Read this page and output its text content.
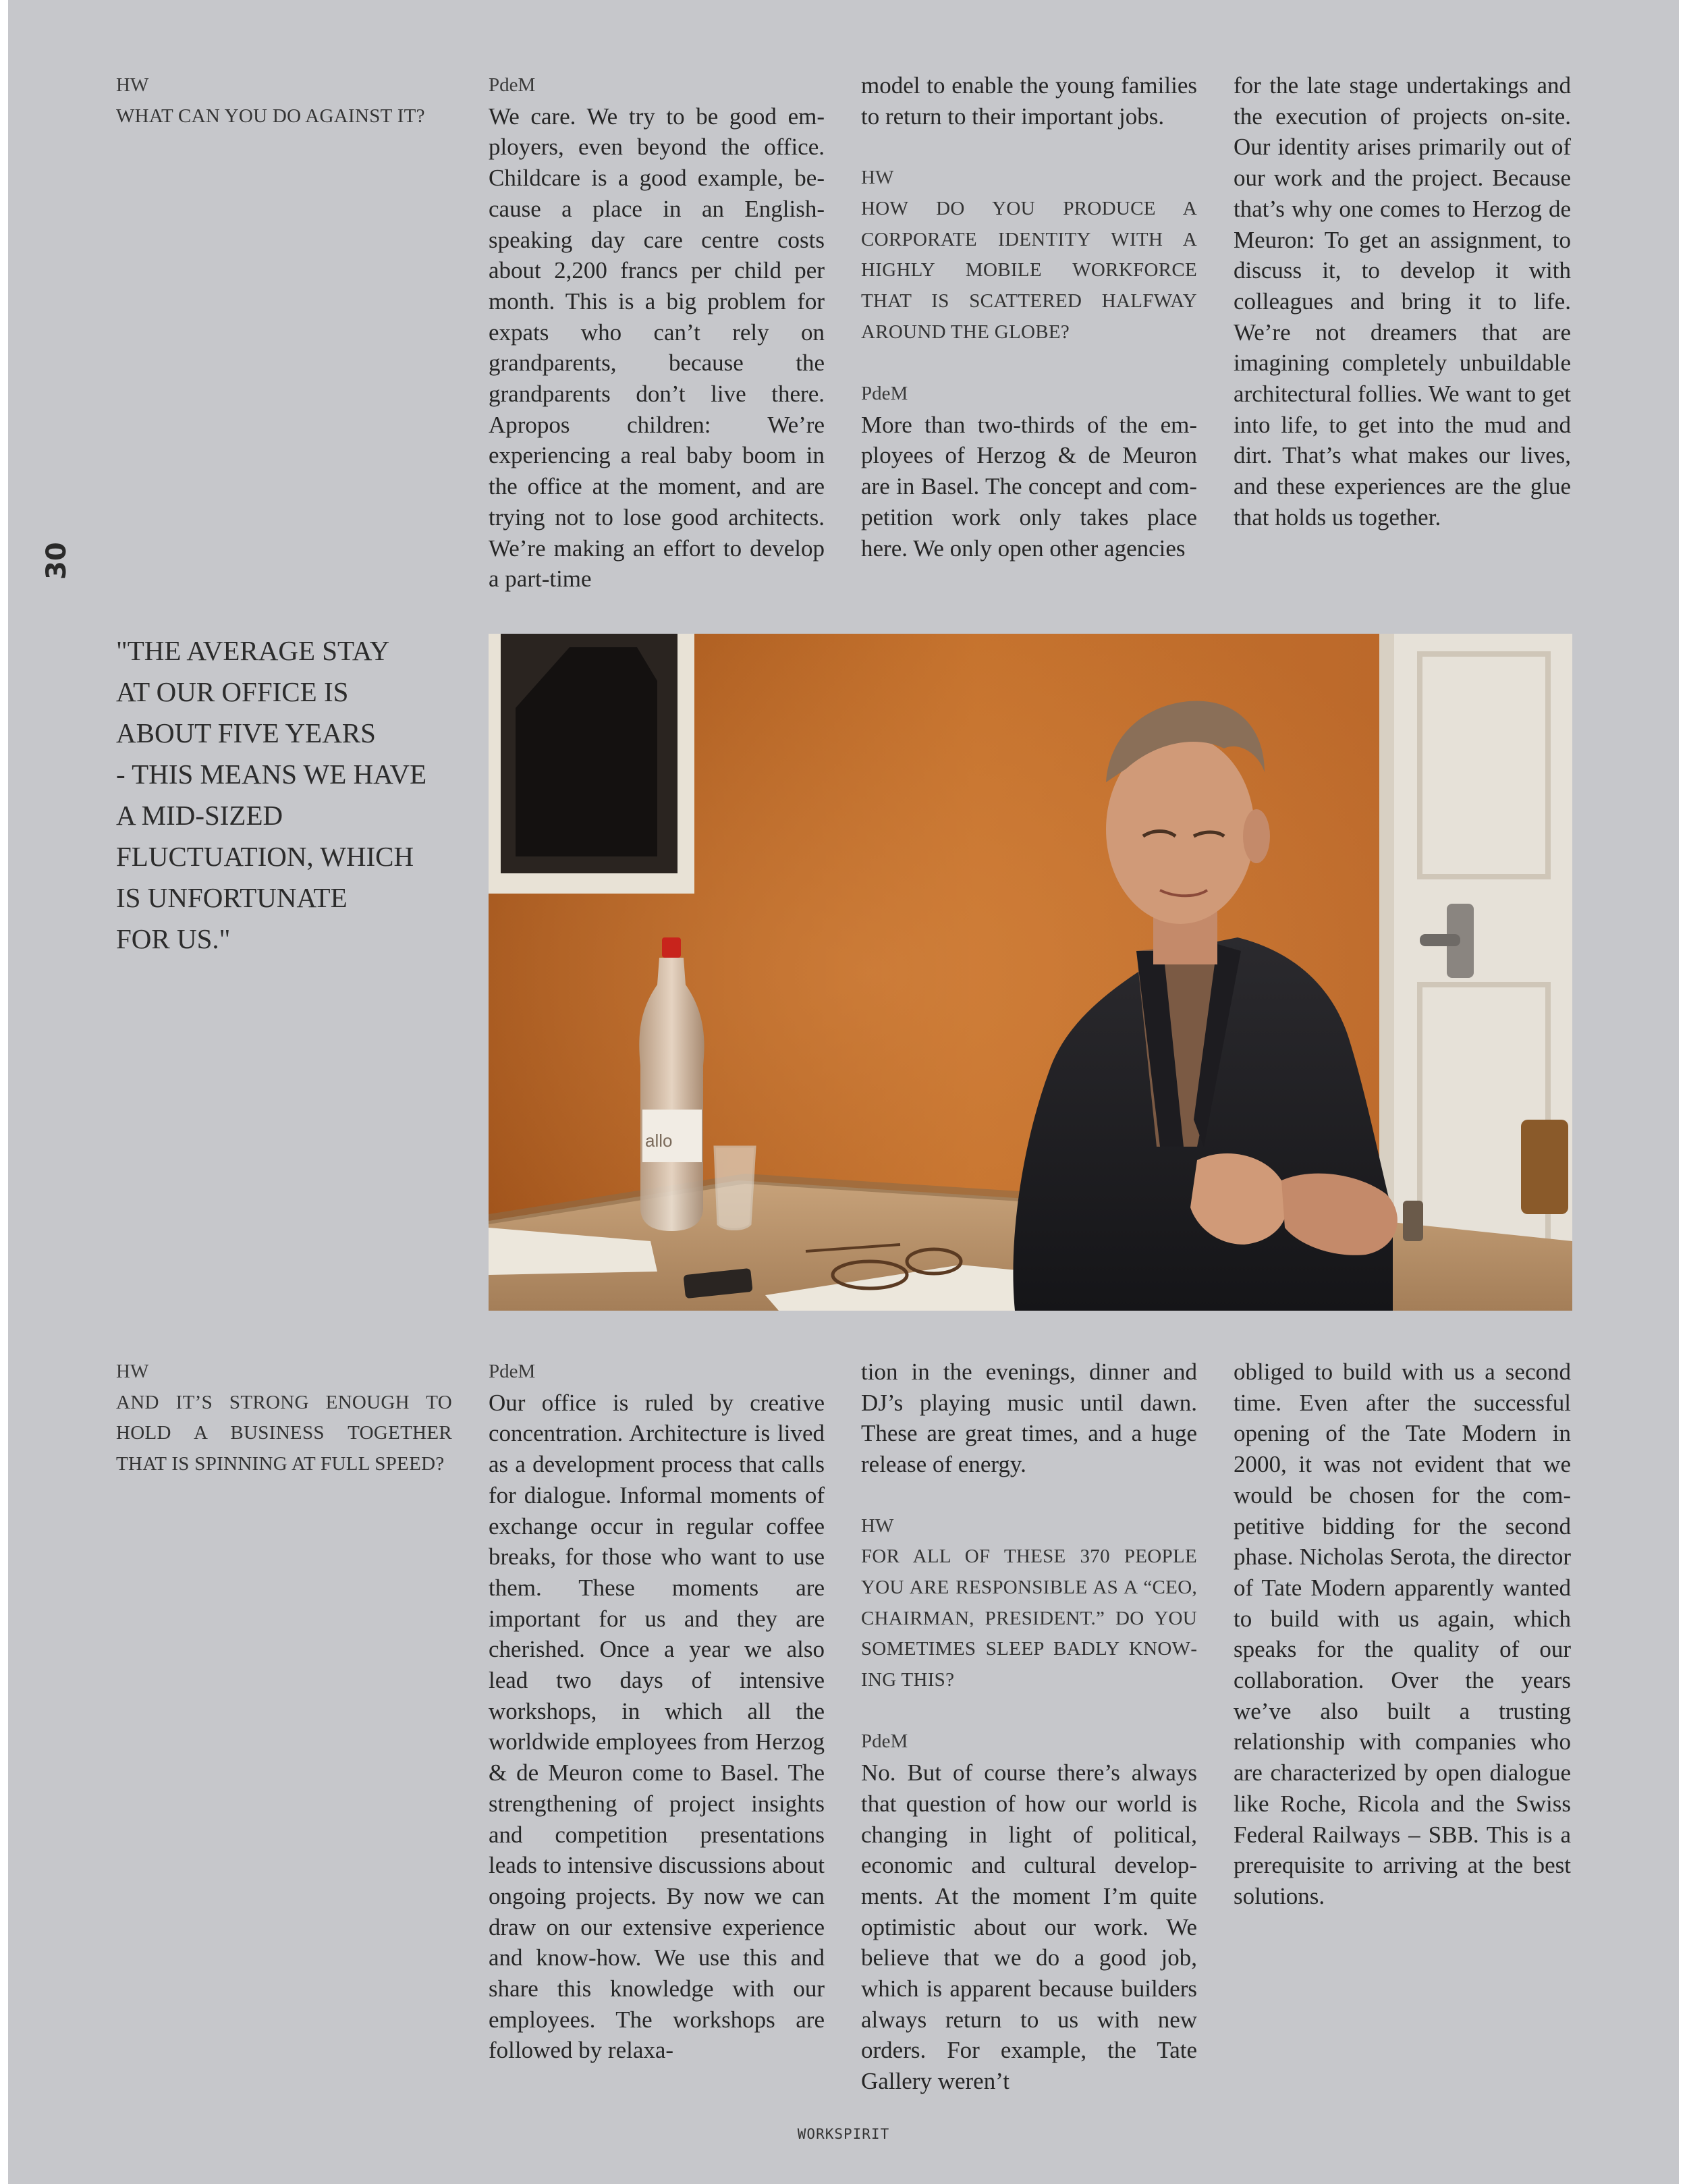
30
HW
WHAT CAN YOU DO AGAINST IT?
PdeM
We care. We try to be good employers, even beyond the office. Childcare is a good example, because a place in an English-speaking day care centre costs about 2,200 francs per child per month. This is a big problem for expats who can’t rely on grandparents, because the grandparents don’t live there. Apropos children: We’re experiencing a real baby boom in the office at the moment, and are trying not to lose good architects. We’re making an effort to develop a part-time
model to enable the young families to return to their important jobs.
HW
HOW DO YOU PRODUCE A CORPORATE IDENTITY WITH A HIGHLY MOBILE WORKFORCE THAT IS SCATTERED HALFWAY AROUND THE GLOBE?
PdeM
More than two-thirds of the employees of Herzog & de Meuron are in Basel. The concept and competition work only takes place here. We only open other agencies
for the late stage undertakings and the execution of projects on-site. Our identity arises primarily out of our work and the project. Because that’s why one comes to Herzog de Meuron: To get an assignment, to discuss it, to develop it with colleagues and bring it to life. We’re not dreamers that are imagining completely unbuildable architectural follies. We want to get into life, to get into the mud and dirt. That’s what makes our lives, and these experiences are the glue that holds us together.
"THE AVERAGE STAY
AT OUR OFFICE IS
ABOUT FIVE YEARS
- THIS MEANS WE HAVE
A MID-SIZED
FLUCTUATION, WHICH
IS UNFORTUNATE
FOR US."
allo
HW
AND IT’S STRONG ENOUGH TO HOLD A BUSINESS TOGETHER THAT IS SPINNING AT FULL SPEED?
PdeM
Our office is ruled by creative concentration. Architecture is lived as a development process that calls for dialogue. Informal moments of exchange occur in regular coffee breaks, for those who want to use them. These moments are important for us and they are cherished. Once a year we also lead two days of intensive workshops, in which all the worldwide employees from Herzog & de Meuron come to Basel. The strengthening of project insights and competition presentations leads to intensive discussions about ongoing projects. By now we can draw on our extensive experience and know-how. We use this and share this knowledge with our employees. The workshops are followed by relaxa-
tion in the evenings, dinner and DJ’s playing music until dawn. These are great times, and a huge release of energy.
HW
FOR ALL OF THESE 370 PEOPLE YOU ARE RESPONSIBLE AS A “CEO, CHAIRMAN, PRESIDENT.” DO YOU SOMETIMES SLEEP BADLY KNOWING THIS?
PdeM
No. But of course there’s always that question of how our world is changing in light of political, economic and cultural developments. At the moment I’m quite optimistic about our work. We believe that we do a good job, which is apparent because builders always return to us with new orders. For example, the Tate Gallery weren’t
obliged to build with us a second time. Even after the successful opening of the Tate Modern in 2000, it was not evident that we would be chosen for the competitive bidding for the second phase. Nicholas Serota, the director of Tate Modern apparently wanted to build with us again, which speaks for the quality of our collaboration. Over the years we’ve also built a trusting relationship with companies who are characterized by open dialogue like Roche, Ricola and the Swiss Federal Railways – SBB. This is a prerequisite to arriving at the best solutions.
WORKSPIRIT
